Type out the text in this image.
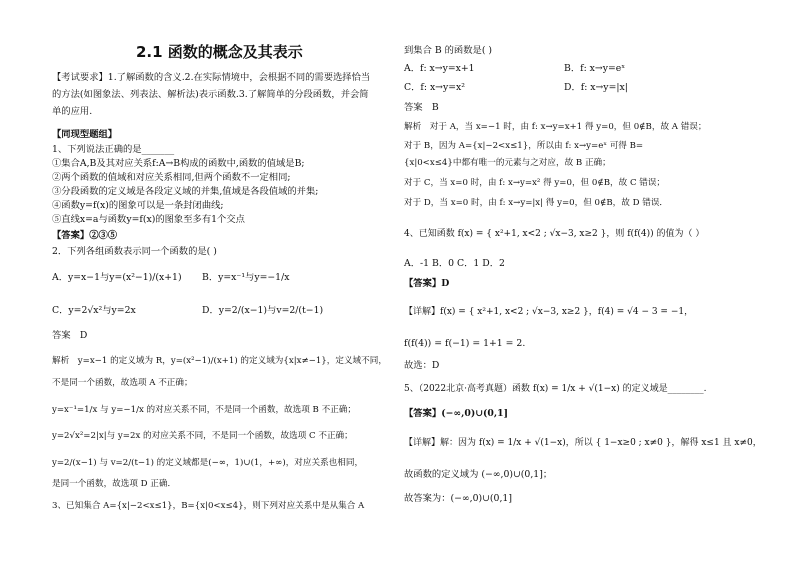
2.1 函数的概念及其表示
【考试要求】1.了解函数的含义.2.在实际情境中，会根据不同的需要选择恰当
的方法(如图象法、列表法、解析法)表示函数.3.了解简单的分段函数，并会简
单的应用.
【同现型题组】
1、下列说法正确的是_______
①集合A,B及其对应关系f:A→B构成的函数中,函数的值域是B;
②两个函数的值域和对应关系相同,但两个函数不一定相同;
③分段函数的定义域是各段定义域的并集,值域是各段值域的并集;
④函数y=f(x)的图象可以是一条封闭曲线;
⑤直线x=a与函数y=f(x)的图象至多有1个交点
【答案】②③⑤
2．下列各组函数表示同一个函数的是( )
A．y=x−1与y=(x²−1)/(x+1) B．y=x⁻¹与y=−1/x
C．y=2√x²与y=2x	D．y=2/(x−1)与v=2/(t−1)
答案　D
解析　y=x−1 的定义域为 R，y=(x²−1)/(x+1) 的定义域为{x|x≠−1}，定义域不同，
不是同一个函数，故选项 A 不正确；
y=x⁻¹=1/x 与 y=−1/x 的对应关系不同，不是同一个函数，故选项 B 不正确；
y=2√x²=2|x|与 y=2x 的对应关系不同，不是同一个函数，故选项 C 不正确；
y=2/(x−1) 与 v=2/(t−1) 的定义域都是(−∞，1)∪(1，+∞)，对应关系也相同，
是同一个函数，故选项 D 正确．
3、已知集合 A={x|−2<x≤1}，B={x|0<x≤4}，则下列对应关系中是从集合 A
到集合 B 的函数是( )
A．f: x→y=x+1	B．f: x→y=eˣ
C．f: x→y=x²	D．f: x→y=|x|
答案　B
解析　对于 A，当 x=−1 时，由 f: x→y=x+1 得 y=0，但 0∉B，故 A 错误；
对于 B，因为 A={x|−2<x≤1}，所以由 f: x→y=eˣ 可得 B=
{x|0<x≤4}中都有唯一的元素与之对应，故 B 正确；
对于 C，当 x=0 时，由 f: x→y=x² 得 y=0，但 0∉B，故 C 错误；
对于 D，当 x=0 时，由 f: x→y=|x| 得 y=0，但 0∉B，故 D 错误．
4、已知函数 f(x) = { x²+1, x<2 ; √x−3, x≥2 }，则 f(f(4)) 的值为（ ）
A．-1 B．0 C．1 D．2
【答案】D
【详解】f(x) = { x²+1, x<2 ; √x−3, x≥2 }，f(4) = √4 − 3 = −1，
f(f(4)) = f(−1) = 1+1 = 2.
故选：D
5、（2022北京·高考真题）函数 f(x) = 1/x + √(1−x) 的定义域是________.
【答案】(−∞,0)∪(0,1]
【详解】解：因为 f(x) = 1/x + √(1−x)，所以 { 1−x≥0 ; x≠0 }，解得 x≤1 且 x≠0，
故函数的定义域为 (−∞,0)∪(0,1]；
故答案为：(−∞,0)∪(0,1]
